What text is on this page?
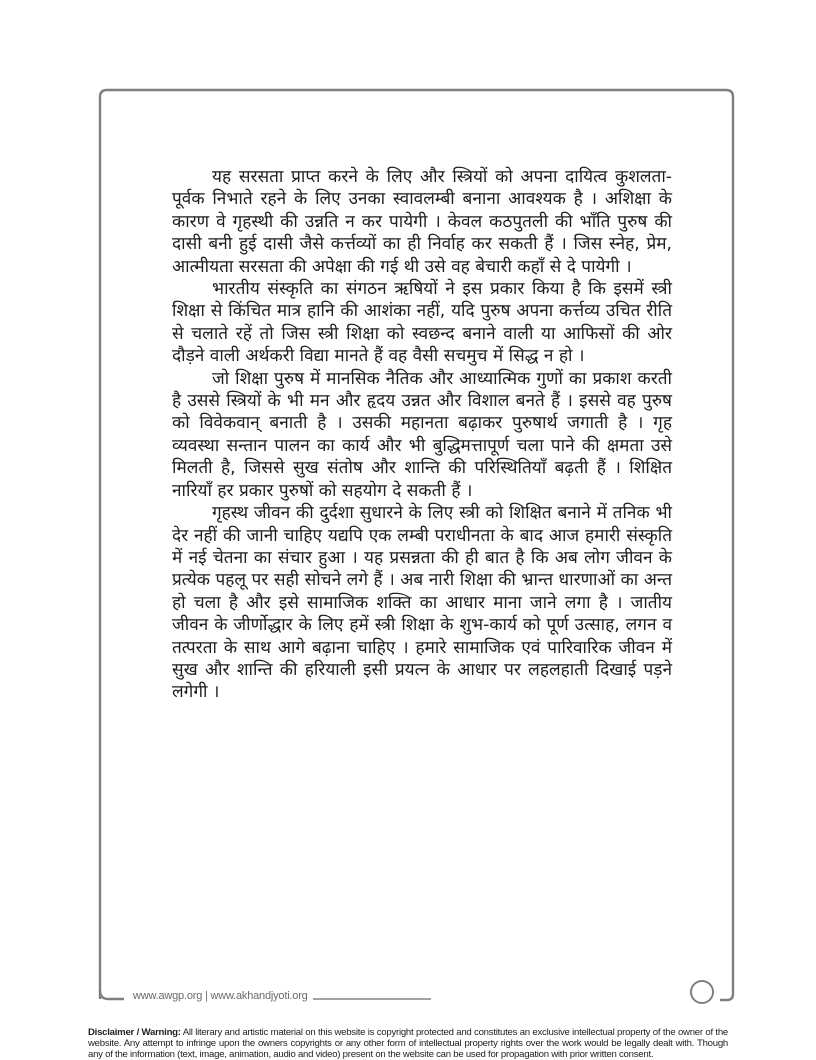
यह सरसता प्राप्त करने के लिए और स्त्रियों को अपना दायित्व कुशलता-पूर्वक निभाते रहने के लिए उनका स्वावलम्बी बनाना आवश्यक है । अशिक्षा के कारण वे गृहस्थी की उन्नति न कर पायेगी । केवल कठपुतली की भाँति पुरुष की दासी बनी हुई दासी जैसे कर्त्तव्यों का ही निर्वाह कर सकती हैं । जिस स्नेह, प्रेम, आत्मीयता सरसता की अपेक्षा की गई थी उसे वह बेचारी कहाँ से दे पायेगी ।

भारतीय संस्कृति का संगठन ऋषियों ने इस प्रकार किया है कि इसमें स्त्री शिक्षा से किंचित मात्र हानि की आशंका नहीं, यदि पुरुष अपना कर्त्तव्य उचित रीति से चलाते रहें तो जिस स्त्री शिक्षा को स्वछन्द बनाने वाली या आफिसों की ओर दौड़ने वाली अर्थकरी विद्या मानते हैं वह वैसी सचमुच में सिद्ध न हो ।

जो शिक्षा पुरुष में मानसिक नैतिक और आध्यात्मिक गुणों का प्रकाश करती है उससे स्त्रियों के भी मन और हृदय उन्नत और विशाल बनते हैं । इससे वह पुरुष को विवेकवान् बनाती है । उसकी महानता बढ़ाकर पुरुषार्थ जगाती है । गृह व्यवस्था सन्तान पालन का कार्य और भी बुद्धिमत्तापूर्ण चला पाने की क्षमता उसे मिलती है, जिससे सुख संतोष और शान्ति की परिस्थितियाँ बढ़ती हैं । शिक्षित नारियाँ हर प्रकार पुरुषों को सहयोग दे सकती हैं ।

गृहस्थ जीवन की दुर्दशा सुधारने के लिए स्त्री को शिक्षित बनाने में तनिक भी देर नहीं की जानी चाहिए यद्यपि एक लम्बी पराधीनता के बाद आज हमारी संस्कृति में नई चेतना का संचार हुआ । यह प्रसन्नता की ही बात है कि अब लोग जीवन के प्रत्येक पहलू पर सही सोचने लगे हैं । अब नारी शिक्षा की भ्रान्त धारणाओं का अन्त हो चला है और इसे सामाजिक शक्ति का आधार माना जाने लगा है । जातीय जीवन के जीर्णोद्धार के लिए हमें स्त्री शिक्षा के शुभ-कार्य को पूर्ण उत्साह, लगन व तत्परता के साथ आगे बढ़ाना चाहिए । हमारे सामाजिक एवं पारिवारिक जीवन में सुख और शान्ति की हरियाली इसी प्रयत्न के आधार पर लहलहाती दिखाई पड़ने लगेगी ।

www.awgp.org | www.akhandjyoti.org
Disclaimer / Warning: All literary and artistic material on this website is copyright protected and constitutes an exclusive intellectual property of the owner of the website. Any attempt to infringe upon the owners copyrights or any other form of intellectual property rights over the work would be legally dealt with. Though any of the information (text, image, animation, audio and video) present on the website can be used for propagation with prior written consent.
